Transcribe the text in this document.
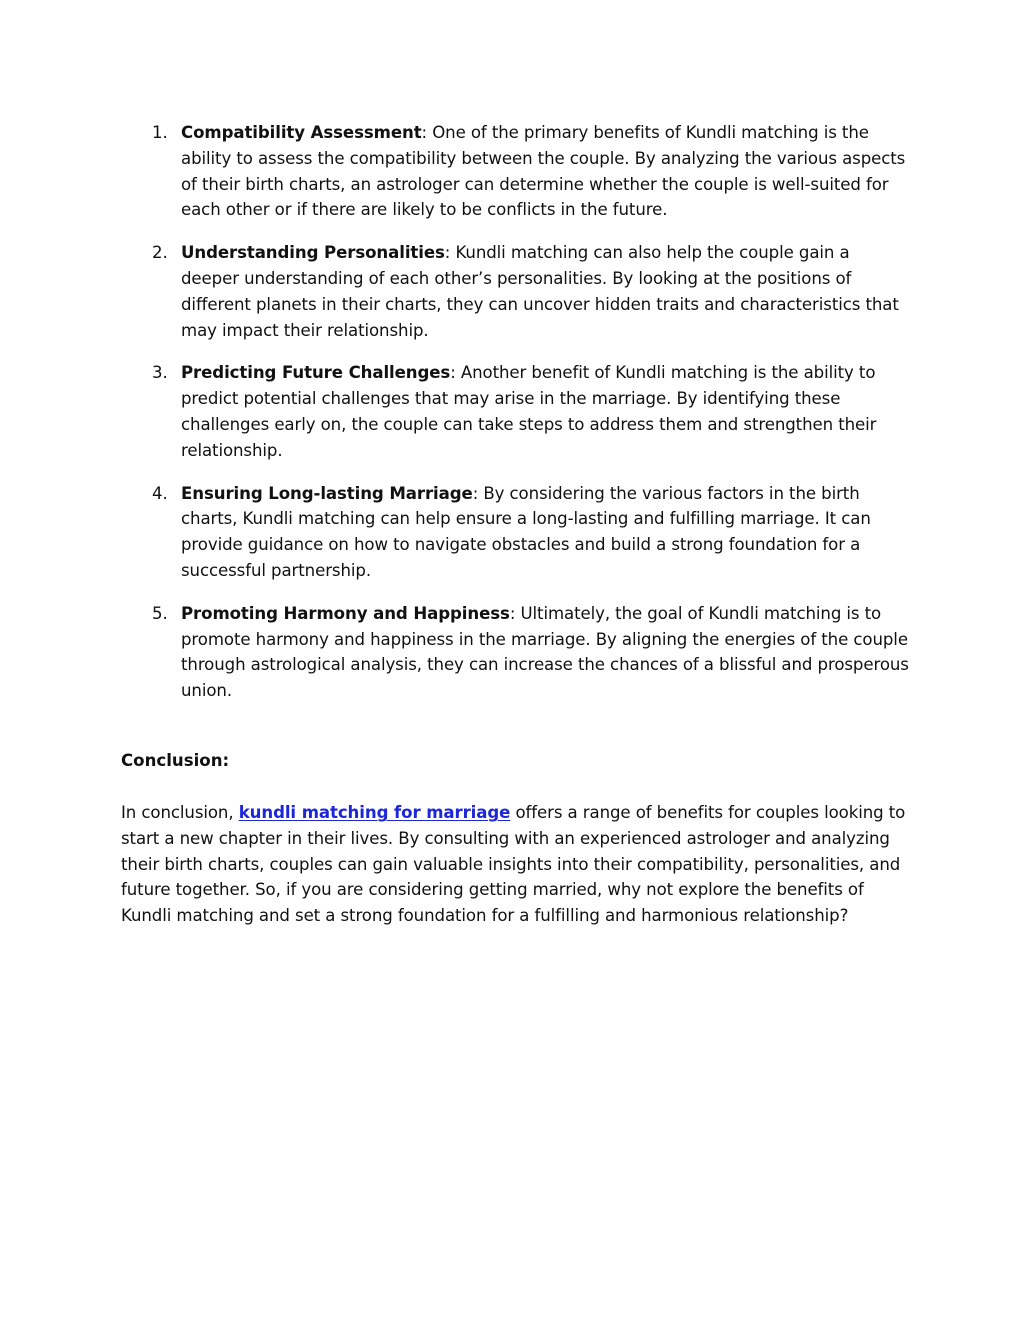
1. Compatibility Assessment: One of the primary benefits of Kundli matching is the ability to assess the compatibility between the couple. By analyzing the various aspects of their birth charts, an astrologer can determine whether the couple is well-suited for each other or if there are likely to be conflicts in the future.
2. Understanding Personalities: Kundli matching can also help the couple gain a deeper understanding of each other’s personalities. By looking at the positions of different planets in their charts, they can uncover hidden traits and characteristics that may impact their relationship.
3. Predicting Future Challenges: Another benefit of Kundli matching is the ability to predict potential challenges that may arise in the marriage. By identifying these challenges early on, the couple can take steps to address them and strengthen their relationship.
4. Ensuring Long-lasting Marriage: By considering the various factors in the birth charts, Kundli matching can help ensure a long-lasting and fulfilling marriage. It can provide guidance on how to navigate obstacles and build a strong foundation for a successful partnership.
5. Promoting Harmony and Happiness: Ultimately, the goal of Kundli matching is to promote harmony and happiness in the marriage. By aligning the energies of the couple through astrological analysis, they can increase the chances of a blissful and prosperous union.
Conclusion:

In conclusion, kundli matching for marriage offers a range of benefits for couples looking to start a new chapter in their lives. By consulting with an experienced astrologer and analyzing their birth charts, couples can gain valuable insights into their compatibility, personalities, and future together. So, if you are considering getting married, why not explore the benefits of Kundli matching and set a strong foundation for a fulfilling and harmonious relationship?
